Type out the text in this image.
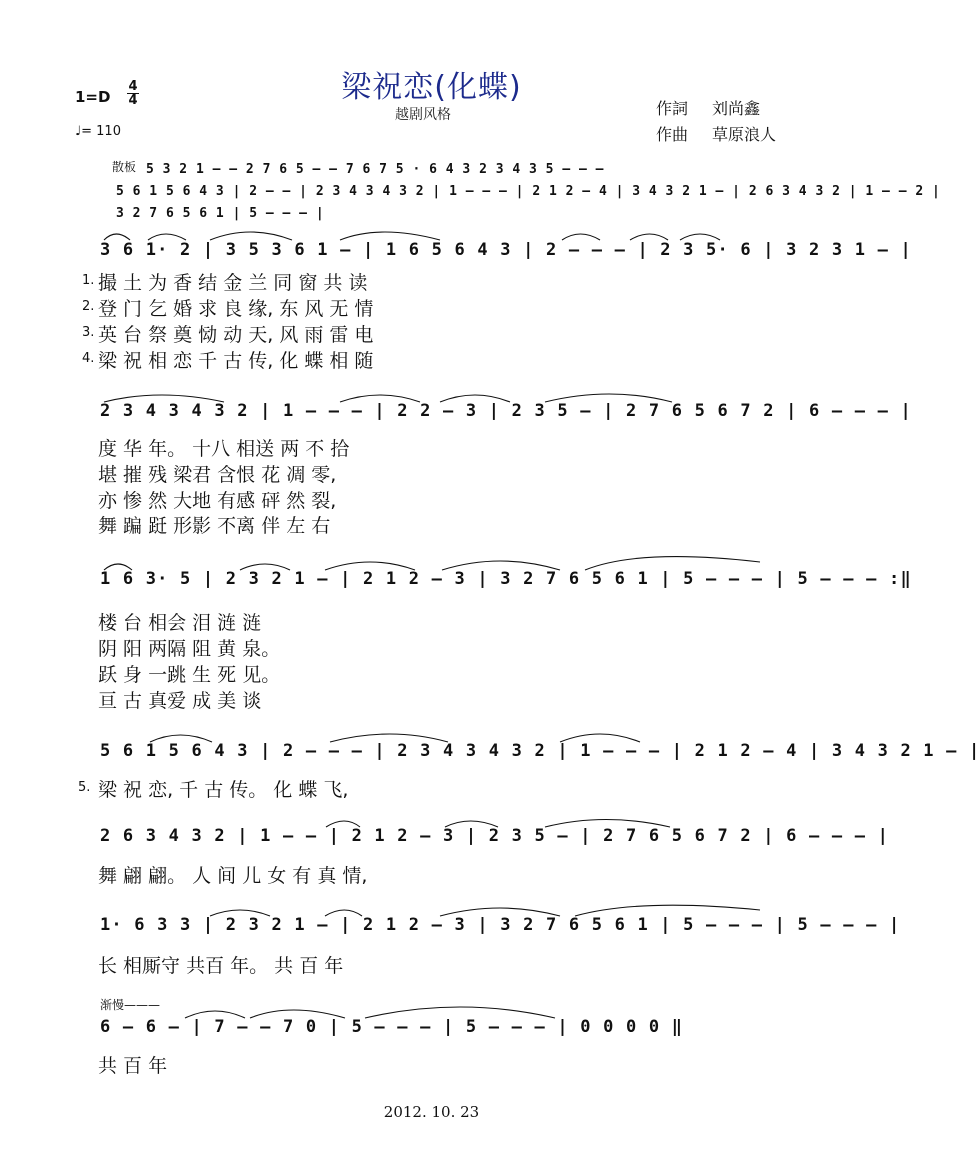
梁祝恋(化蝶)
越剧风格
1=D
4
4
♩= 110
作詞 刘尚鑫
作曲 草原浪人
散板 5 3 2 1 — — 2 7 6 5 — — 7 6 7 5 · 6 4 3 2 3 4 3 5 — — —
5 6 1 5 6 4 3 | 2 — — | 2 3 4 3 4 3 2 | 1 — — — | 2 1 2 — 4 | 3 4 3 2 1 — | 2 6 3 4 3 2 | 1 — — 2 |
3 2 7 6 5 6 1 | 5 — — — |
3 6 1· 2 | 3 5 3 6 1 — | 1 6 5 6 4 3 | 2 — — — | 2 3 5· 6 | 3 2 3 1 — |
1. 撮 土 为 香 结 金 兰 同 窗 共 读
2. 登 门 乞 婚 求 良 缘, 东 风 无 情
3. 英 台 祭 奠 恸 动 天, 风 雨 雷 电
4. 梁 祝 相 恋 千 古 传, 化 蝶 相 随
2 3 4 3 4 3 2 | 1 — — — | 2 2 — 3 | 2 3 5 — | 2 7 6 5 6 7 2 | 6 — — — |
度 华 年。 十八 相送 两 不 拾
堪 摧 残 梁君 含恨 花 凋 零,
亦 惨 然 大地 有感 砰 然 裂,
舞 蹁 跹 形影 不离 伴 左 右
1 6 3· 5 | 2 3 2 1 — | 2 1 2 — 3 | 3 2 7 6 5 6 1 | 5 — — — | 5 — — — :‖
楼 台 相会 泪 涟 涟
阴 阳 两隔 阻 黄 泉。
跃 身 一跳 生 死 见。
亘 古 真爱 成 美 谈
5 6 1 5 6 4 3 | 2 — — — | 2 3 4 3 4 3 2 | 1 — — — | 2 1 2 — 4 | 3 4 3 2 1 — |
5. 梁 祝 恋, 千 古 传。 化 蝶 飞,
2 6 3 4 3 2 | 1 — — | 2 1 2 — 3 | 2 3 5 — | 2 7 6 5 6 7 2 | 6 — — — |
舞 翩 翩。 人 间 儿 女 有 真 情,
1· 6 3 3 | 2 3 2 1 — | 2 1 2 — 3 | 3 2 7 6 5 6 1 | 5 — — — | 5 — — — |
长 相厮守 共百 年。 共 百 年
渐慢———
6 — 6 — | 7 — — 7 0 | 5 — — — | 5 — — — | 0 0 0 0 ‖
共 百 年
2012. 10. 23
